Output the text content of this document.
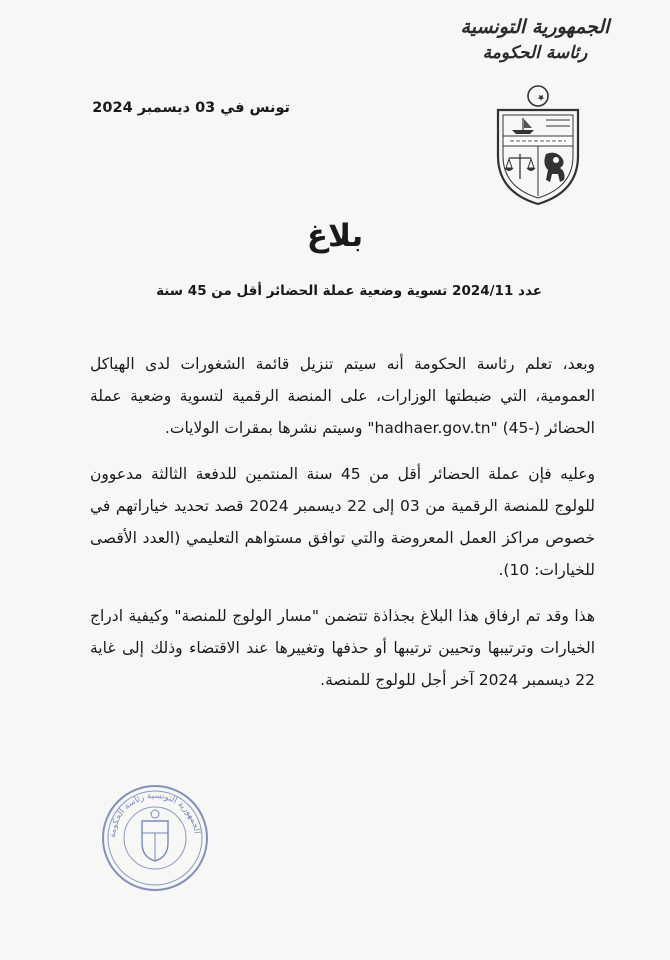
الجمهورية التونسية
رئاسة الحكومة
تونس في 03 ديسمبر 2024
بلاغ
عدد 2024/11 تسوية وضعية عملة الحضائر أقل من 45 سنة

وبعد، تعلم رئاسة الحكومة أنه سيتم تنزيل قائمة الشغورات لدى الهياكل العمومية، التي ضبطتها الوزارات، على المنصة الرقمية لتسوية وضعية عملة الحضائر (-45) "hadhaer.gov.tn" وسيتم نشرها بمقرات الولايات.

وعليه فإن عملة الحضائر أقل من 45 سنة المنتمين للدفعة الثالثة مدعوون للولوج للمنصة الرقمية من 03 إلى 22 ديسمبر 2024 قصد تحديد خياراتهم في خصوص مراكز العمل المعروضة والتي توافق مستواهم التعليمي (العدد الأقصى للخيارات: 10).

هذا وقد تم ارفاق هذا البلاغ بجذاذة تتضمن "مسار الولوج للمنصة" وكيفية ادراج الخيارات وترتيبها وتحيين ترتيبها أو حذفها وتغييرها عند الاقتضاء وذلك إلى غاية 22 ديسمبر 2024 آخر أجل للولوج للمنصة.

الجمهورية التونسية رئاسة الحكومة
